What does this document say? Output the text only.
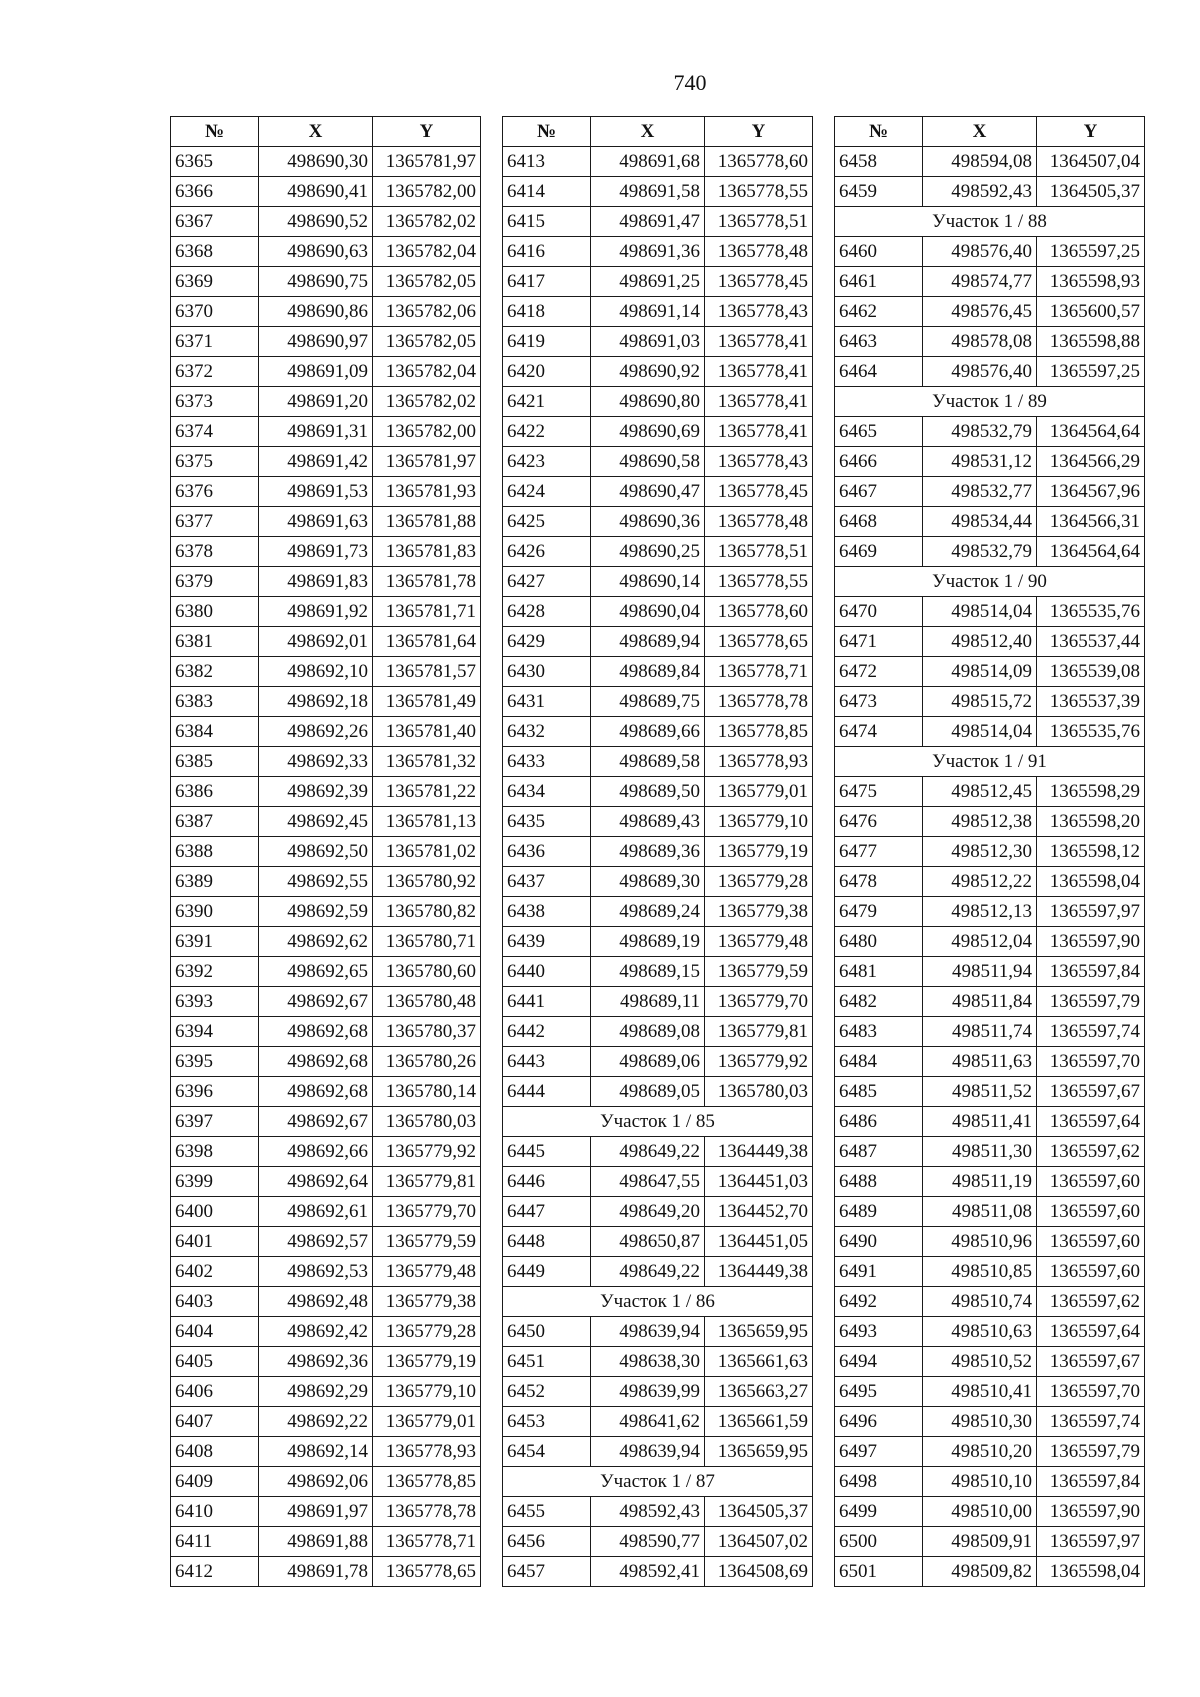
740
№	X	Y
6365	498690,30	1365781,97
6366	498690,41	1365782,00
6367	498690,52	1365782,02
6368	498690,63	1365782,04
6369	498690,75	1365782,05
6370	498690,86	1365782,06
6371	498690,97	1365782,05
6372	498691,09	1365782,04
6373	498691,20	1365782,02
6374	498691,31	1365782,00
6375	498691,42	1365781,97
6376	498691,53	1365781,93
6377	498691,63	1365781,88
6378	498691,73	1365781,83
6379	498691,83	1365781,78
6380	498691,92	1365781,71
6381	498692,01	1365781,64
6382	498692,10	1365781,57
6383	498692,18	1365781,49
6384	498692,26	1365781,40
6385	498692,33	1365781,32
6386	498692,39	1365781,22
6387	498692,45	1365781,13
6388	498692,50	1365781,02
6389	498692,55	1365780,92
6390	498692,59	1365780,82
6391	498692,62	1365780,71
6392	498692,65	1365780,60
6393	498692,67	1365780,48
6394	498692,68	1365780,37
6395	498692,68	1365780,26
6396	498692,68	1365780,14
6397	498692,67	1365780,03
6398	498692,66	1365779,92
6399	498692,64	1365779,81
6400	498692,61	1365779,70
6401	498692,57	1365779,59
6402	498692,53	1365779,48
6403	498692,48	1365779,38
6404	498692,42	1365779,28
6405	498692,36	1365779,19
6406	498692,29	1365779,10
6407	498692,22	1365779,01
6408	498692,14	1365778,93
6409	498692,06	1365778,85
6410	498691,97	1365778,78
6411	498691,88	1365778,71
6412	498691,78	1365778,65
№	X	Y
6413	498691,68	1365778,60
6414	498691,58	1365778,55
6415	498691,47	1365778,51
6416	498691,36	1365778,48
6417	498691,25	1365778,45
6418	498691,14	1365778,43
6419	498691,03	1365778,41
6420	498690,92	1365778,41
6421	498690,80	1365778,41
6422	498690,69	1365778,41
6423	498690,58	1365778,43
6424	498690,47	1365778,45
6425	498690,36	1365778,48
6426	498690,25	1365778,51
6427	498690,14	1365778,55
6428	498690,04	1365778,60
6429	498689,94	1365778,65
6430	498689,84	1365778,71
6431	498689,75	1365778,78
6432	498689,66	1365778,85
6433	498689,58	1365778,93
6434	498689,50	1365779,01
6435	498689,43	1365779,10
6436	498689,36	1365779,19
6437	498689,30	1365779,28
6438	498689,24	1365779,38
6439	498689,19	1365779,48
6440	498689,15	1365779,59
6441	498689,11	1365779,70
6442	498689,08	1365779,81
6443	498689,06	1365779,92
6444	498689,05	1365780,03
Участок 1 / 85		
6445	498649,22	1364449,38
6446	498647,55	1364451,03
6447	498649,20	1364452,70
6448	498650,87	1364451,05
6449	498649,22	1364449,38
Участок 1 / 86		
6450	498639,94	1365659,95
6451	498638,30	1365661,63
6452	498639,99	1365663,27
6453	498641,62	1365661,59
6454	498639,94	1365659,95
Участок 1 / 87		
6455	498592,43	1364505,37
6456	498590,77	1364507,02
6457	498592,41	1364508,69
№	X	Y
6458	498594,08	1364507,04
6459	498592,43	1364505,37
Участок 1 / 88		
6460	498576,40	1365597,25
6461	498574,77	1365598,93
6462	498576,45	1365600,57
6463	498578,08	1365598,88
6464	498576,40	1365597,25
Участок 1 / 89		
6465	498532,79	1364564,64
6466	498531,12	1364566,29
6467	498532,77	1364567,96
6468	498534,44	1364566,31
6469	498532,79	1364564,64
Участок 1 / 90		
6470	498514,04	1365535,76
6471	498512,40	1365537,44
6472	498514,09	1365539,08
6473	498515,72	1365537,39
6474	498514,04	1365535,76
Участок 1 / 91		
6475	498512,45	1365598,29
6476	498512,38	1365598,20
6477	498512,30	1365598,12
6478	498512,22	1365598,04
6479	498512,13	1365597,97
6480	498512,04	1365597,90
6481	498511,94	1365597,84
6482	498511,84	1365597,79
6483	498511,74	1365597,74
6484	498511,63	1365597,70
6485	498511,52	1365597,67
6486	498511,41	1365597,64
6487	498511,30	1365597,62
6488	498511,19	1365597,60
6489	498511,08	1365597,60
6490	498510,96	1365597,60
6491	498510,85	1365597,60
6492	498510,74	1365597,62
6493	498510,63	1365597,64
6494	498510,52	1365597,67
6495	498510,41	1365597,70
6496	498510,30	1365597,74
6497	498510,20	1365597,79
6498	498510,10	1365597,84
6499	498510,00	1365597,90
6500	498509,91	1365597,97
6501	498509,82	1365598,04
